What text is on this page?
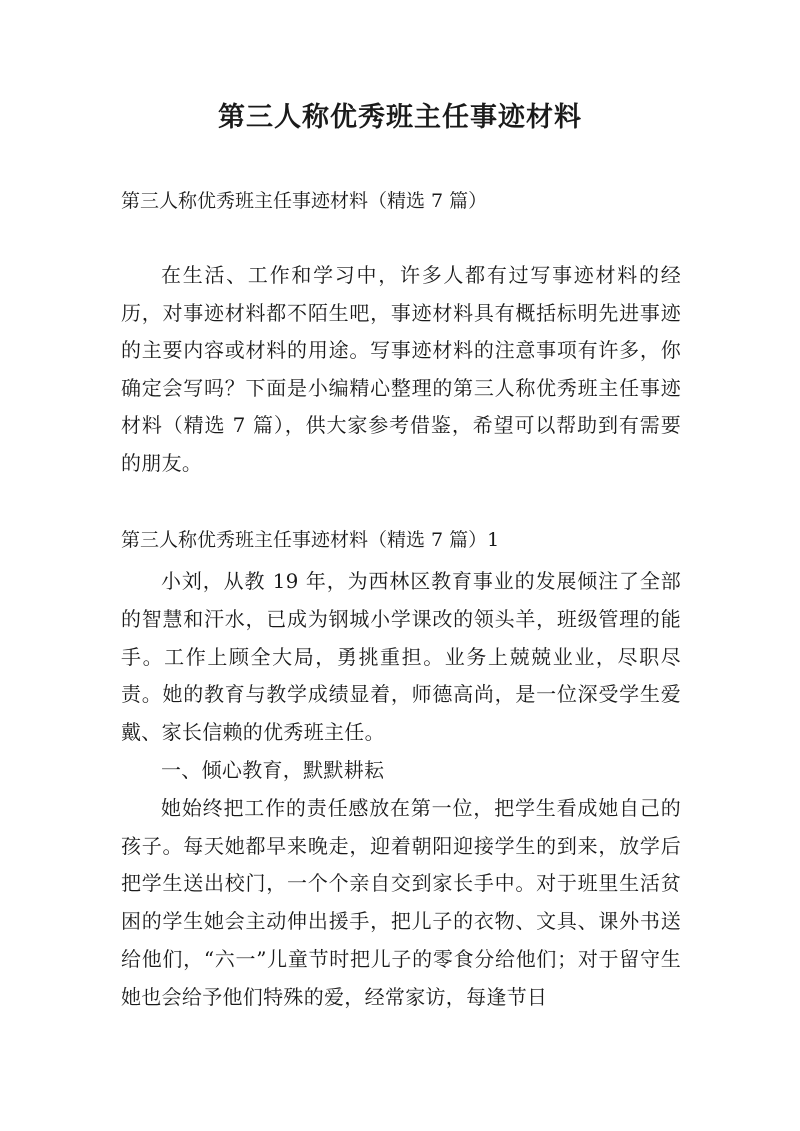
第三人称优秀班主任事迹材料

第三人称优秀班主任事迹材料（精选 7 篇）

在生活、工作和学习中，许多人都有过写事迹材料的经历，对事迹材料都不陌生吧，事迹材料具有概括标明先进事迹的主要内容或材料的用途。写事迹材料的注意事项有许多，你确定会写吗？下面是小编精心整理的第三人称优秀班主任事迹材料（精选 7 篇），供大家参考借鉴，希望可以帮助到有需要的朋友。

第三人称优秀班主任事迹材料（精选 7 篇）1

小刘，从教 19 年，为西林区教育事业的发展倾注了全部的智慧和汗水，已成为钢城小学课改的领头羊，班级管理的能手。工作上顾全大局，勇挑重担。业务上兢兢业业，尽职尽责。她的教育与教学成绩显着，师德高尚，是一位深受学生爱戴、家长信赖的优秀班主任。

一、倾心教育，默默耕耘

她始终把工作的责任感放在第一位，把学生看成她自己的孩子。每天她都早来晚走，迎着朝阳迎接学生的到来，放学后把学生送出校门，一个个亲自交到家长手中。对于班里生活贫困的学生她会主动伸出援手，把儿子的衣物、文具、课外书送给他们，“六一”儿童节时把儿子的零食分给他们；对于留守生她也会给予他们特殊的爱，经常家访，每逢节日
